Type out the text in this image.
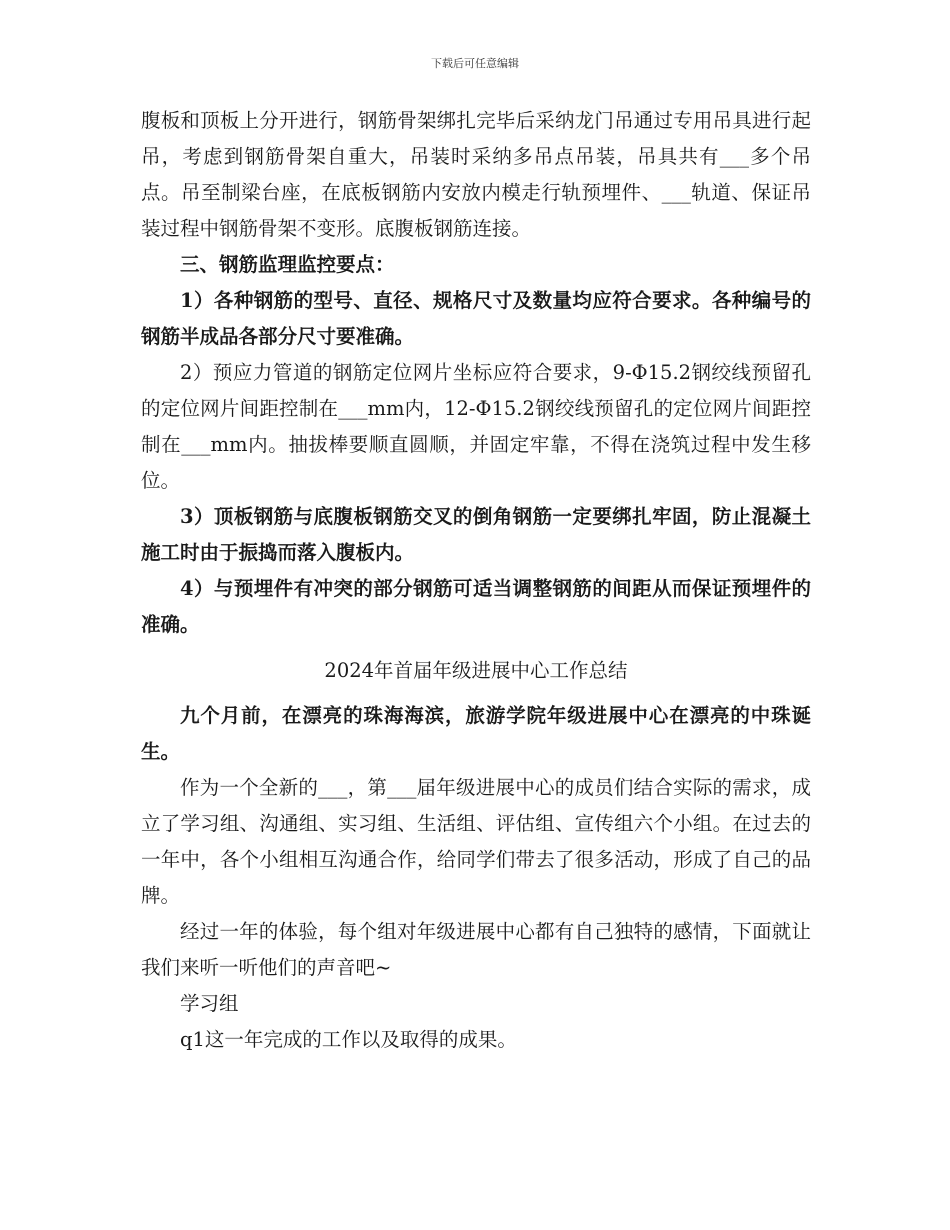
下载后可任意编辑

腹板和顶板上分开进行，钢筋骨架绑扎完毕后采纳龙门吊通过专用吊具进行起吊，考虑到钢筋骨架自重大，吊装时采纳多吊点吊装，吊具共有___多个吊点。吊至制梁台座，在底板钢筋内安放内模走行轨预埋件、___轨道、保证吊装过程中钢筋骨架不变形。底腹板钢筋连接。

三、钢筋监理监控要点：

1）各种钢筋的型号、直径、规格尺寸及数量均应符合要求。各种编号的钢筋半成品各部分尺寸要准确。

2）预应力管道的钢筋定位网片坐标应符合要求，9-Φ15.2钢绞线预留孔的定位网片间距控制在___mm内，12-Φ15.2钢绞线预留孔的定位网片间距控制在___mm内。抽拔棒要顺直圆顺，并固定牢靠，不得在浇筑过程中发生移位。

3）顶板钢筋与底腹板钢筋交叉的倒角钢筋一定要绑扎牢固，防止混凝土施工时由于振捣而落入腹板内。

4）与预埋件有冲突的部分钢筋可适当调整钢筋的间距从而保证预埋件的准确。

2024年首届年级进展中心工作总结

九个月前，在漂亮的珠海海滨，旅游学院年级进展中心在漂亮的中珠诞生。

作为一个全新的___，第___届年级进展中心的成员们结合实际的需求，成立了学习组、沟通组、实习组、生活组、评估组、宣传组六个小组。在过去的一年中，各个小组相互沟通合作，给同学们带去了很多活动，形成了自己的品牌。

经过一年的体验，每个组对年级进展中心都有自己独特的感情，下面就让我们来听一听他们的声音吧~

学习组

q1这一年完成的工作以及取得的成果。
